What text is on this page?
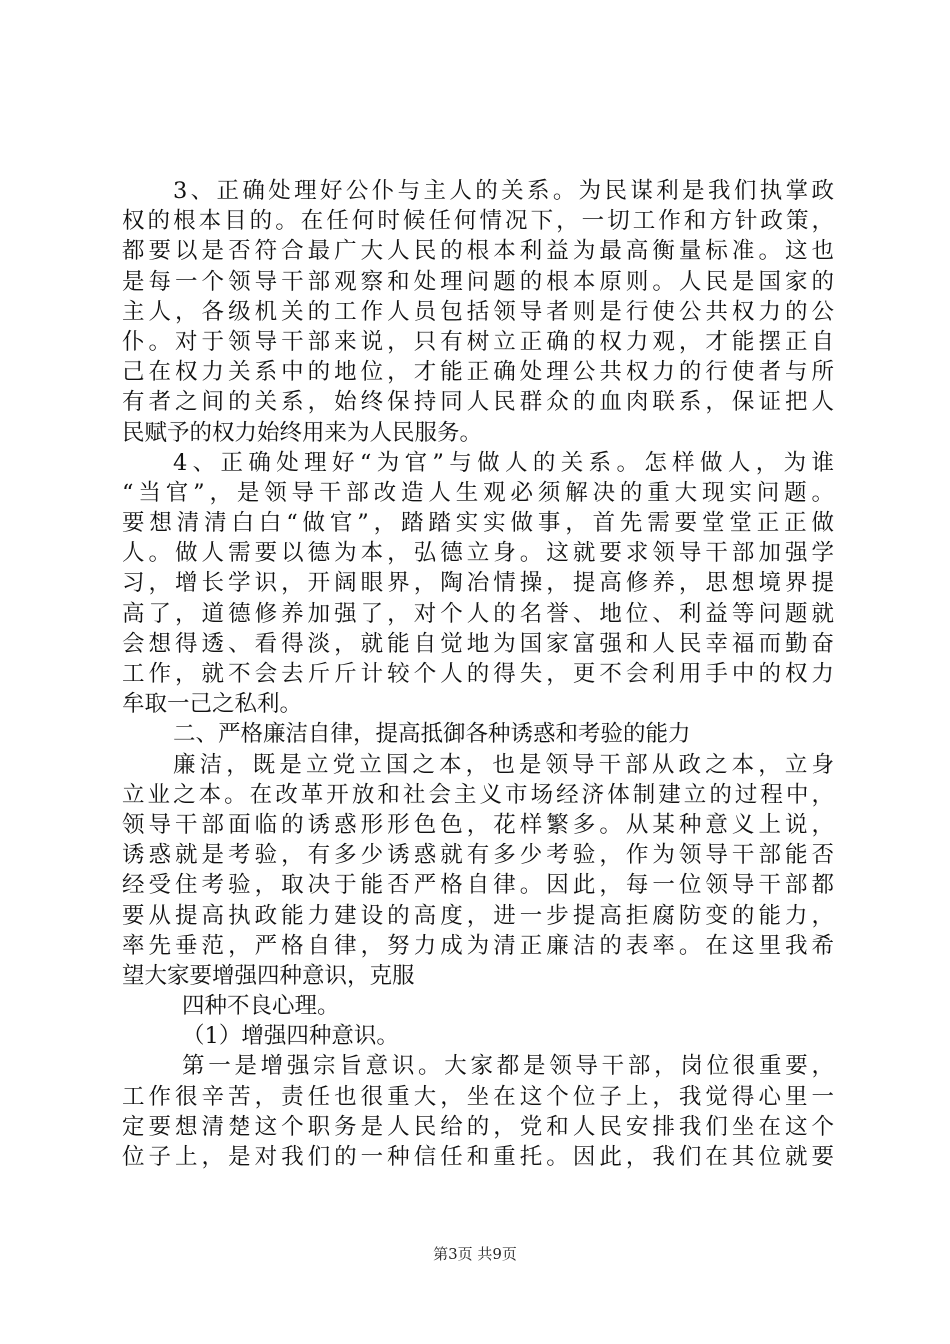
3、正确处理好公仆与主人的关系。为民谋利是我们执掌政
权的根本目的。在任何时候任何情况下，一切工作和方针政策，
都要以是否符合最广大人民的根本利益为最高衡量标准。这也
是每一个领导干部观察和处理问题的根本原则。人民是国家的
主人，各级机关的工作人员包括领导者则是行使公共权力的公
仆。对于领导干部来说，只有树立正确的权力观，才能摆正自
己在权力关系中的地位，才能正确处理公共权力的行使者与所
有者之间的关系，始终保持同人民群众的血肉联系，保证把人
民赋予的权力始终用来为人民服务。
4、正确处理好“为官”与做人的关系。怎样做人，为谁
“当官”，是领导干部改造人生观必须解决的重大现实问题。
要想清清白白“做官”，踏踏实实做事，首先需要堂堂正正做
人。做人需要以德为本，弘德立身。这就要求领导干部加强学
习，增长学识，开阔眼界，陶冶情操，提高修养，思想境界提
高了，道德修养加强了，对个人的名誉、地位、利益等问题就
会想得透、看得淡，就能自觉地为国家富强和人民幸福而勤奋
工作，就不会去斤斤计较个人的得失，更不会利用手中的权力
牟取一己之私利。
二、严格廉洁自律，提高抵御各种诱惑和考验的能力
廉洁，既是立党立国之本，也是领导干部从政之本，立身
立业之本。在改革开放和社会主义市场经济体制建立的过程中，
领导干部面临的诱惑形形色色，花样繁多。从某种意义上说，
诱惑就是考验，有多少诱惑就有多少考验，作为领导干部能否
经受住考验，取决于能否严格自律。因此，每一位领导干部都
要从提高执政能力建设的高度，进一步提高拒腐防变的能力，
率先垂范，严格自律，努力成为清正廉洁的表率。在这里我希
望大家要增强四种意识，克服
四种不良心理。
（1）增强四种意识。
第一是增强宗旨意识。大家都是领导干部，岗位很重要，
工作很辛苦，责任也很重大，坐在这个位子上，我觉得心里一
定要想清楚这个职务是人民给的，党和人民安排我们坐在这个
位子上，是对我们的一种信任和重托。因此，我们在其位就要
第3页 共9页
